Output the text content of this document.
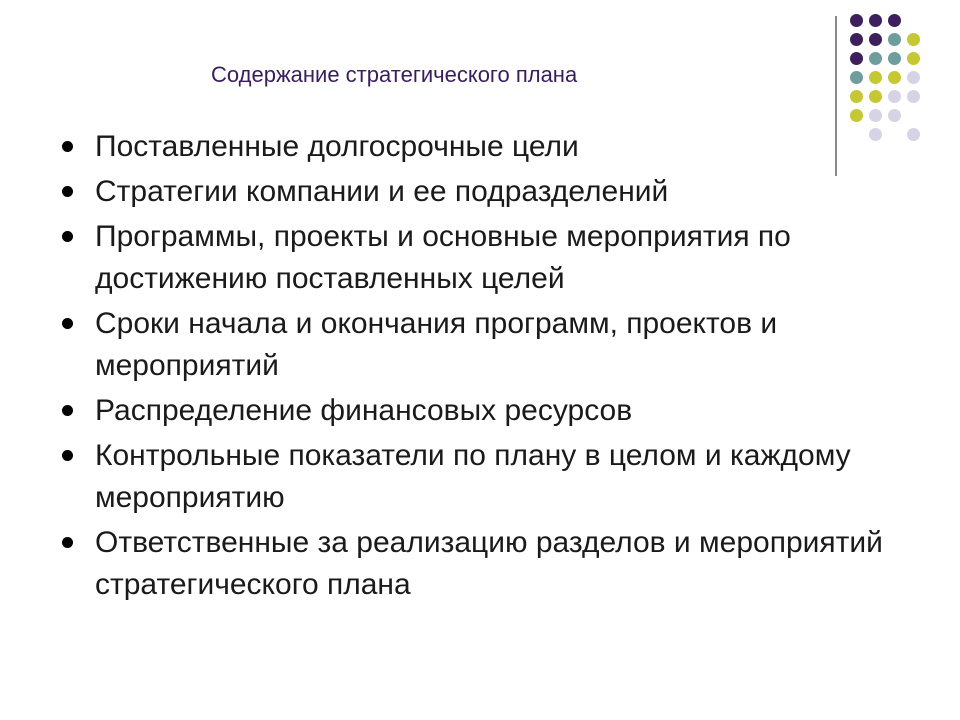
Содержание стратегического плана
Поставленные долгосрочные цели
Стратегии компании и ее подразделений
Программы, проекты и основные мероприятия по достижению поставленных целей
Сроки начала и окончания программ, проектов и мероприятий
Распределение финансовых ресурсов
Контрольные показатели по плану в целом и каждому мероприятию
Ответственные за реализацию разделов и мероприятий стратегического плана
